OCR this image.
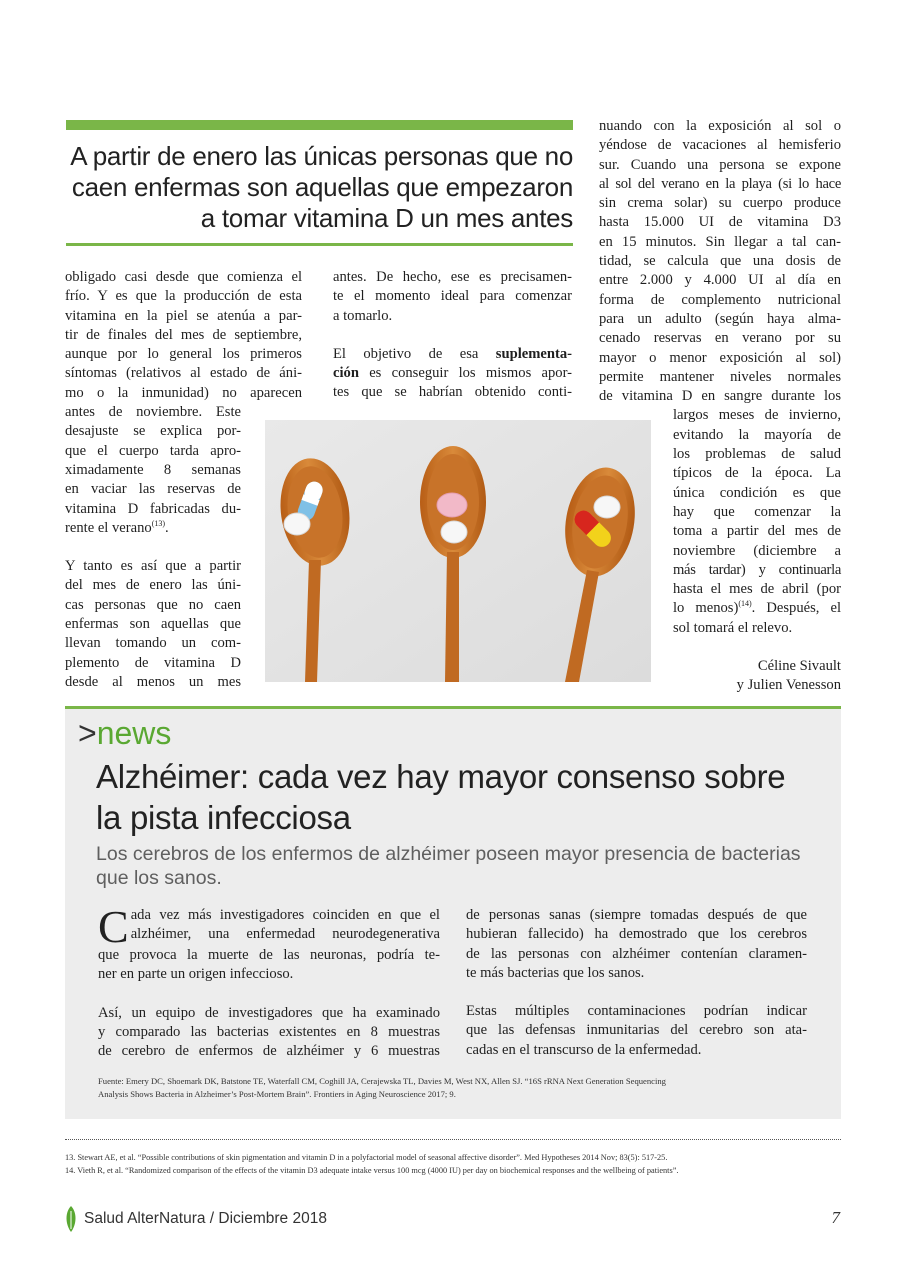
A partir de enero las únicas personas que no
caen enfermas son aquellas que empezaron
a tomar vitamina D un mes antes
obligado casi desde que comienza el
frío. Y es que la producción de esta
vitamina en la piel se atenúa a par-
tir de finales del mes de septiembre,
aunque por lo general los primeros
síntomas (relativos al estado de áni-
mo o la inmunidad) no aparecen
antes de noviembre. Este
desajuste se explica por-
que el cuerpo tarda apro-
ximadamente 8 semanas
en vaciar las reservas de
vitamina D fabricadas du-
rente el verano$^{(13)}$.
Y tanto es así que a partir
del mes de enero las úni-
cas personas que no caen
enfermas son aquellas que
llevan tomando un com-
plemento de vitamina D
desde al menos un mes
antes. De hecho, ese es precisamen-
te el momento ideal para comenzar
a tomarlo.
El objetivo de esa suplementa-
ción es conseguir los mismos apor-
tes que se habrían obtenido conti-
nuando con la exposición al sol o
yéndose de vacaciones al hemisferio
sur. Cuando una persona se expone
al sol del verano en la playa (si lo hace
sin crema solar) su cuerpo produce
hasta 15.000 UI de vitamina D3
en 15 minutos. Sin llegar a tal can-
tidad, se calcula que una dosis de
entre 2.000 y 4.000 UI al día en
forma de complemento nutricional
para un adulto (según haya alma-
cenado reservas en verano por su
mayor o menor exposición al sol)
permite mantener niveles normales
de vitamina D en sangre durante los
largos meses de invierno,
evitando la mayoría de
los problemas de salud
típicos de la época. La
única condición es que
hay que comenzar la
toma a partir del mes de
noviembre (diciembre a
más tardar) y continuarla
hasta el mes de abril (por
lo menos)$^{(14)}$. Después, el
sol tomará el relevo.
Céline Sivault
y Julien Venesson
>news
Alzhéimer: cada vez hay mayor consenso sobre
la pista infecciosa
Los cerebros de los enfermos de alzhéimer poseen mayor presencia de bacterias
que los sanos.
C ada vez más investigadores coinciden en que el
alzhéimer, una enfermedad neurodegenerativa
que provoca la muerte de las neuronas, podría te-
ner en parte un origen infeccioso.
Así, un equipo de investigadores que ha examinado
y comparado las bacterias existentes en 8 muestras
de cerebro de enfermos de alzhéimer y 6 muestras
de personas sanas (siempre tomadas después de que
hubieran fallecido) ha demostrado que los cerebros
de las personas con alzhéimer contenían claramen-
te más bacterias que los sanos.
Estas múltiples contaminaciones podrían indicar
que las defensas inmunitarias del cerebro son ata-
cadas en el transcurso de la enfermedad.
Fuente: Emery DC, Shoemark DK, Batstone TE, Waterfall CM, Coghill JA, Cerajewska TL, Davies M, West NX, Allen SJ. “16S rRNA Next Generation Sequencing
Analysis Shows Bacteria in Alzheimer’s Post-Mortem Brain”. Frontiers in Aging Neuroscience 2017; 9.
13. Stewart AE, et al. “Possible contributions of skin pigmentation and vitamin D in a polyfactorial model of seasonal affective disorder”. Med Hypotheses 2014 Nov; 83(5): 517-25.
14. Vieth R, et al. “Randomized comparison of the effects of the vitamin D3 adequate intake versus 100 mcg (4000 IU) per day on biochemical responses and the wellbeing of patients”.
Salud AlterNatura / Diciembre 2018	7
